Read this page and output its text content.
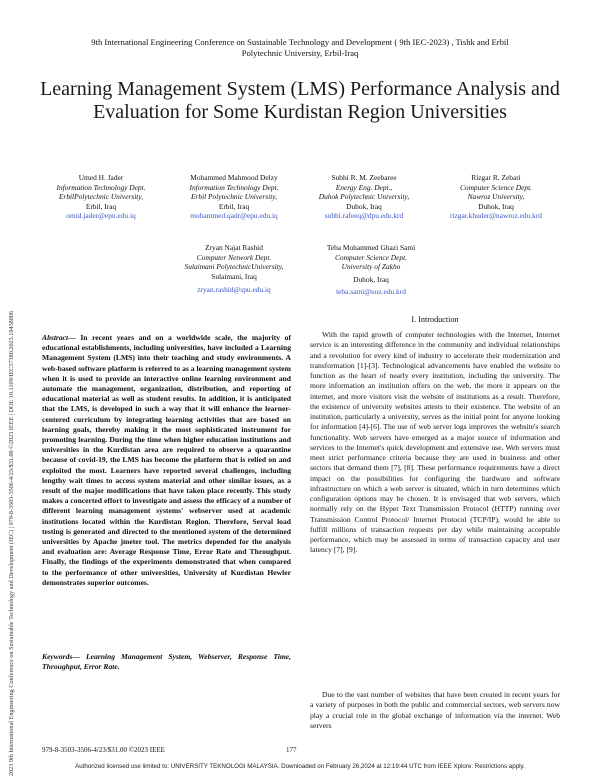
2023 9th International Engineering Conference on Sustainable Technology and Development (IEC) | 979-8-3503-3506-4/23/$31.00 ©2023 IEEE | DOI: 10.1109/IEC57380.2023.10438806
9th International Engineering Conference on Sustainable Technology and Development ( 9th IEC-2023) , Tishk and Erbil
Polytechnic University, Erbil-Iraq
Learning Management System (LMS) Performance Analysis and Evaluation for Some Kurdistan Region Universities
Umed H. Jader
Information Technology Dept.
ErbilPolytechnic University,
Erbil, Iraq
omid.jader@epu.edu.iq
Mohammed Mahmood Delzy
Information Technology Dept.
Erbil Polytechnic University,
Erbil, Iraq
mohammed.qadr@epu.edu.iq
Subhi R. M. Zeebaree
Energy Eng. Dept.,
Duhok Polytechnic University,
Duhok, Iraq
subhi.rafeeq@dpu.edu.krd
Rizgar R. Zebari
Computer Science Dept.
Nawroz University,
Duhok, Iraq
rizgar.khuder@nawroz.edu.krd
Zryan Najat Rashid
Computer Network Dept.
Sulaimani PolytechnicUniversity,
Sulaimani, Iraq
zryan.rashid@spu.edu.iq
Teba Mohammed Ghazi Sami
Computer Science Dept.
University of Zakho
Duhok, Iraq
teba.sami@uoz.edu.krd
Abstract— In recent years and on a worldwide scale, the majority of educational establishments, including universities, have included a Learning Management System (LMS) into their teaching and study environments. A web-based software platform is referred to as a learning management system when it is used to provide an interactive online learning environment and automate the management, organization, distribution, and reporting of educational material as well as student results. In addition, it is anticipated that the LMS, is developed in such a way that it will enhance the learner-centered curriculum by integrating learning activities that are based on learning goals, thereby making it the most sophisticated instrument for promoting learning. During the time when higher education institutions and universities in the Kurdistan area are required to observe a quarantine because of covid-19, the LMS has become the platform that is relied on and exploited the most. Learners have reported several challenges, including lengthy wait times to access system material and other similar issues, as a result of the major modifications that have taken place recently. This study makes a concerted effort to investigate and assess the efficacy of a number of different learning management systems' webserver used at academic institutions located within the Kurdistan Region. Therefore, Serval load testing is generated and directed to the mentioned system of the determined universities by Apache jmeter tool. The metrics depended for the analysis and evaluation are: Average Response Time, Error Rate and Throughput. Finally, the findings of the experiments demonstrated that when compared to the performance of other universities, University of Kurdistan Hewler demonstrates superior outcomes.
Keywords— Learning Management System, Webserver, Response Time, Throughput, Error Rate.
I. Introduction
With the rapid growth of computer technologies with the Internet, Internet service is an interesting difference in the community and individual relationships and a revolution for every kind of industry to accelerate their modernization and transformation [1]-[3]. Technological advancements have enabled the website to function as the heart of nearly every institution, including the university. The more information an institution offers on the web, the more it appears on the internet, and more visitors visit the website of institutions as a result. Therefore, the existence of university websites attests to their existence. The website of an institution, particularly a university, serves as the initial point for anyone looking for information [4]-[6]. The use of web server logs improves the website's search functionality. Web servers have emerged as a major source of information and services to the Internet's quick development and extensive use. Web servers must meet strict performance criteria because they are used in business and other sectors that demand them [7], [8]. These performance requirements have a direct impact on the possibilities for configuring the hardware and software infrastructure on which a web server is situated, which in turn determines which configuration options may be chosen. It is envisaged that web servers, which normally rely on the Hyper Text Transmission Protocol (HTTP) running over Transmission Control Protocol/ Internet Protocol (TCP/IP), would be able to fulfill millions of transaction requests per day while maintaining acceptable performance, which may be assessed in terms of transaction capacity and user latency [7], [9].
Due to the vast number of websites that have been created in recent years for a variety of purposes in both the public and commercial sectors, web servers now play a crucial role in the global exchange of information via the internet. Web servers
979-8-3503-3506-4/23/$31.00 ©2023 IEEE	177
Authorized licensed use limited to: UNIVERSITY TEKNOLOGI MALAYSIA. Downloaded on February 26,2024 at 12:19:44 UTC from IEEE Xplore. Restrictions apply.
